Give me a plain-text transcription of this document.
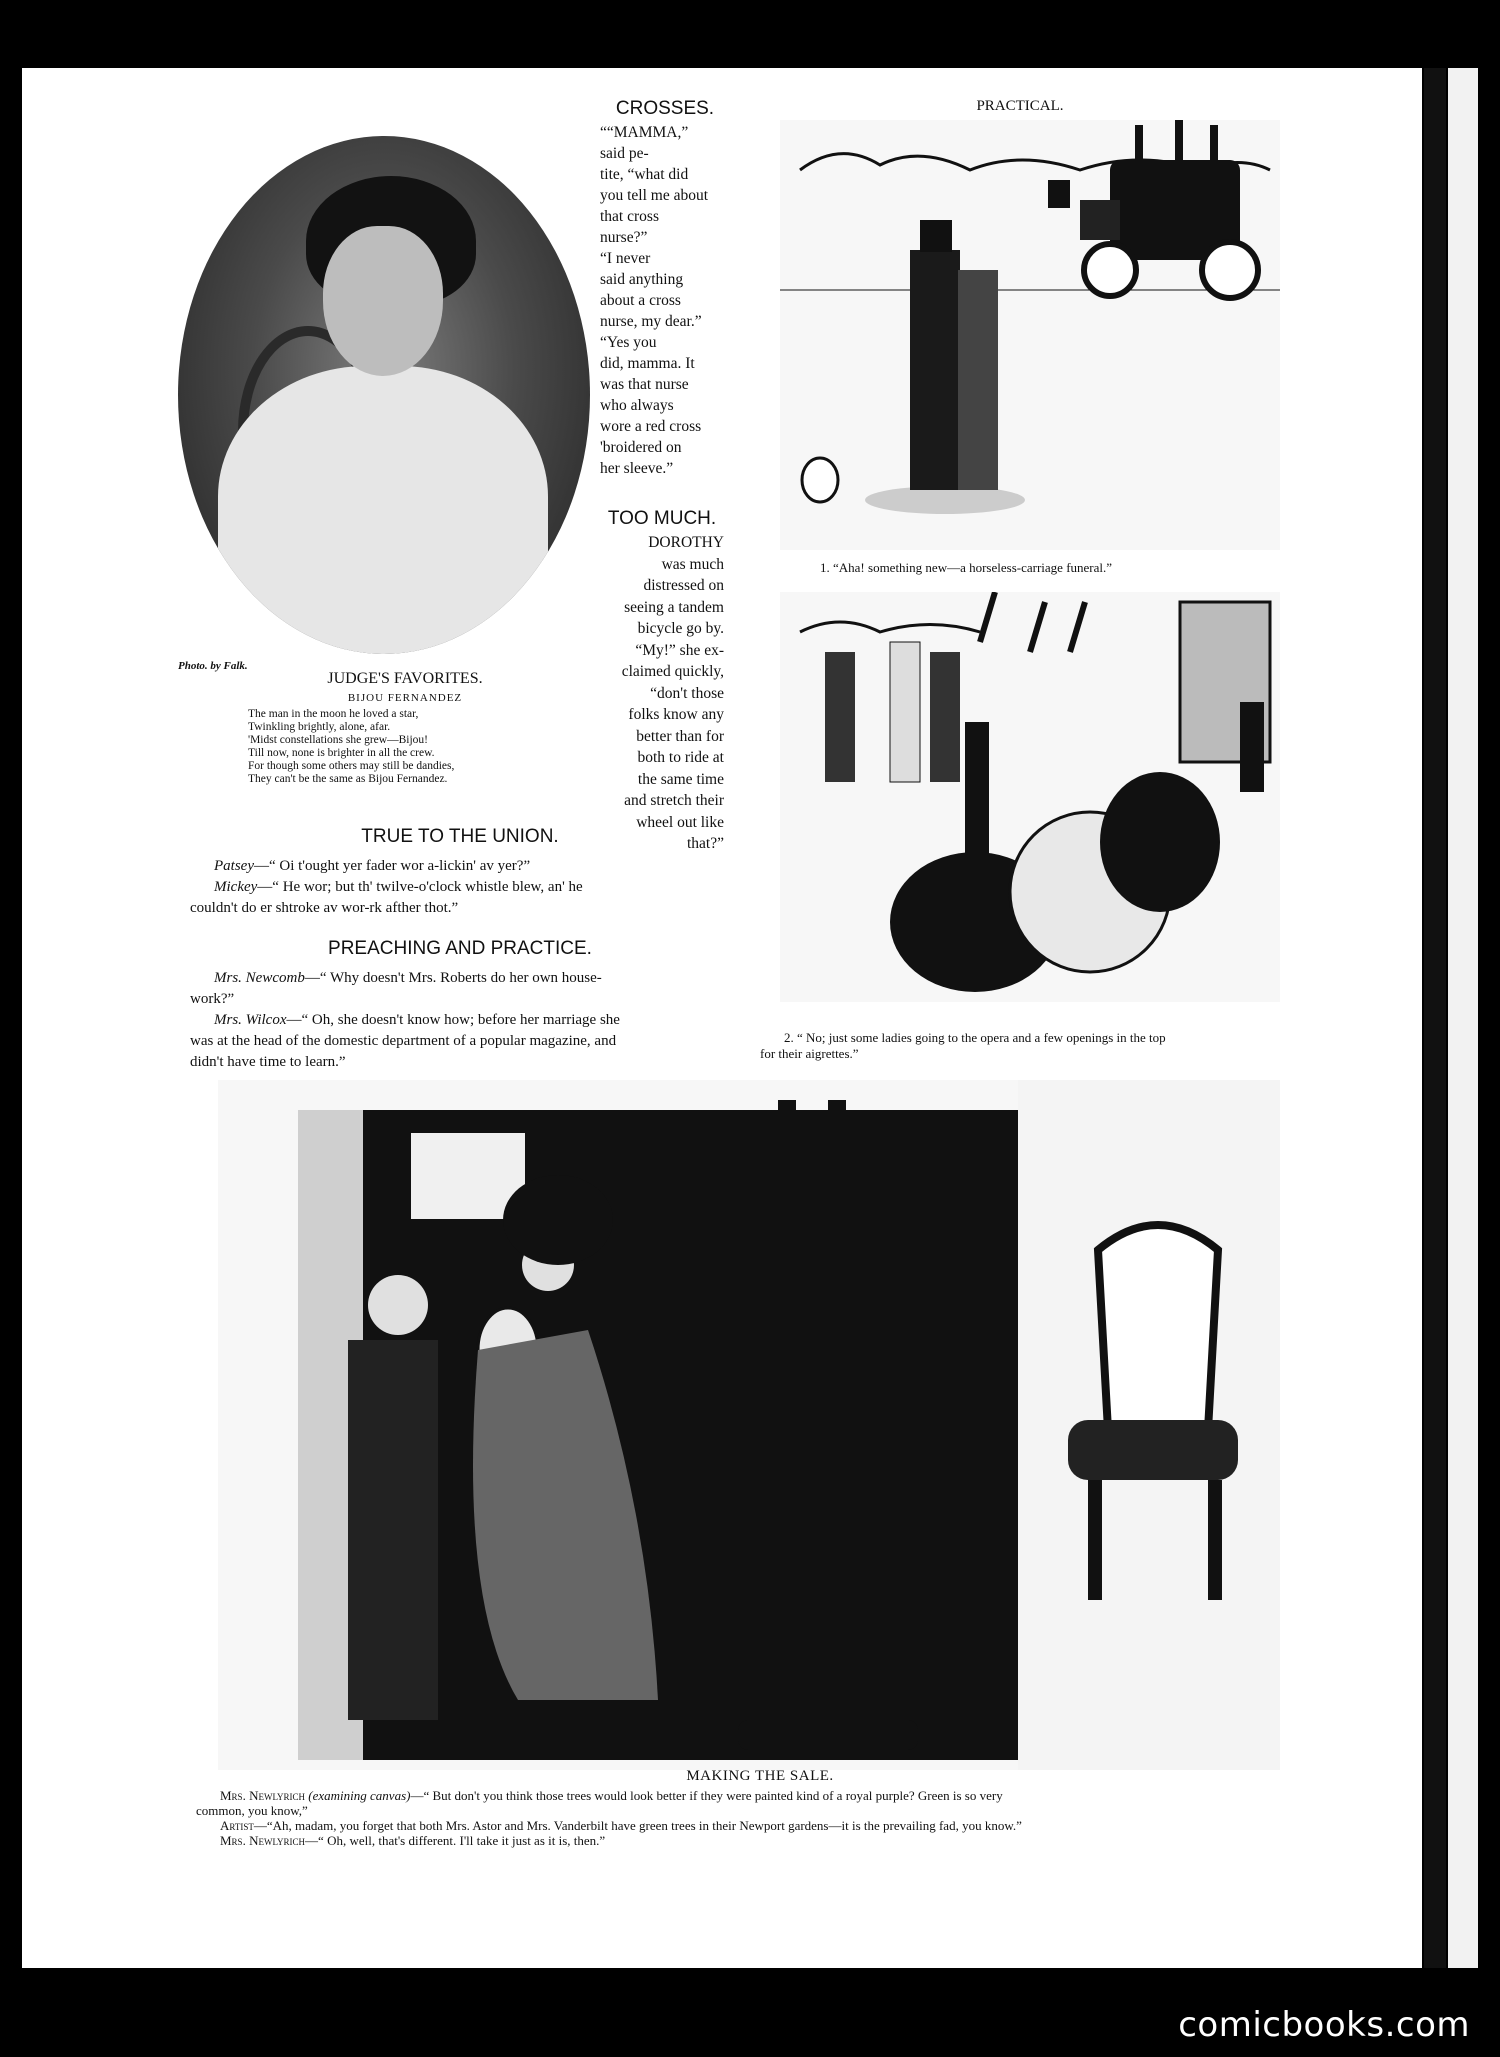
Photo. by Falk.
JUDGE'S FAVORITES.
BIJOU FERNANDEZ
The man in the moon he loved a star,
Twinkling brightly, alone, afar.
'Midst constellations she grew—Bijou!
Till now, none is brighter in all the crew.
For though some others may still be dandies,
They can't be the same as Bijou Fernandez.
CROSSES.
““MAMMA,”
said pe-
tite, “what did
you tell me about
that cross
nurse?”
“I never
said anything
about a cross
nurse, my dear.”
“Yes you
did, mamma. It
was that nurse
who always
wore a red cross
'broidered on
her sleeve.”
TOO MUCH.
DOROTHY
was much
distressed on
seeing a tandem
bicycle go by.
“My!” she ex-
claimed quickly,
“don't those
folks know any
better than for
both to ride at
the same time
and stretch their
wheel out like that?”
TRUE TO THE UNION.
Patsey—“ Oi t'ought yer fader wor a-lickin' av yer?”
Mickey—“ He wor; but th' twilve-o'clock whistle blew, an' he
couldn't do er shtroke av wor-rk afther thot.”
PREACHING AND PRACTICE.
Mrs. Newcomb—“ Why doesn't Mrs. Roberts do her own house-
work?”
Mrs. Wilcox—“ Oh, she doesn't know how; before her marriage she
was at the head of the domestic department of a popular magazine, and
didn't have time to learn.”
PRACTICAL.
1. “Aha! something new—a horseless-carriage funeral.”
2. “ No; just some ladies going to the opera and a few openings in the top
for their aigrettes.”
MAKING THE SALE.
Mrs. Newlyrich (examining canvas)—“ But don't you think those trees would look better if they were painted kind of a royal purple? Green is so very
common, you know,”
Artist—“Ah, madam, you forget that both Mrs. Astor and Mrs. Vanderbilt have green trees in their Newport gardens—it is the prevailing fad, you know.”
Mrs. Newlyrich—“ Oh, well, that's different. I'll take it just as it is, then.”
comicbooks.com
